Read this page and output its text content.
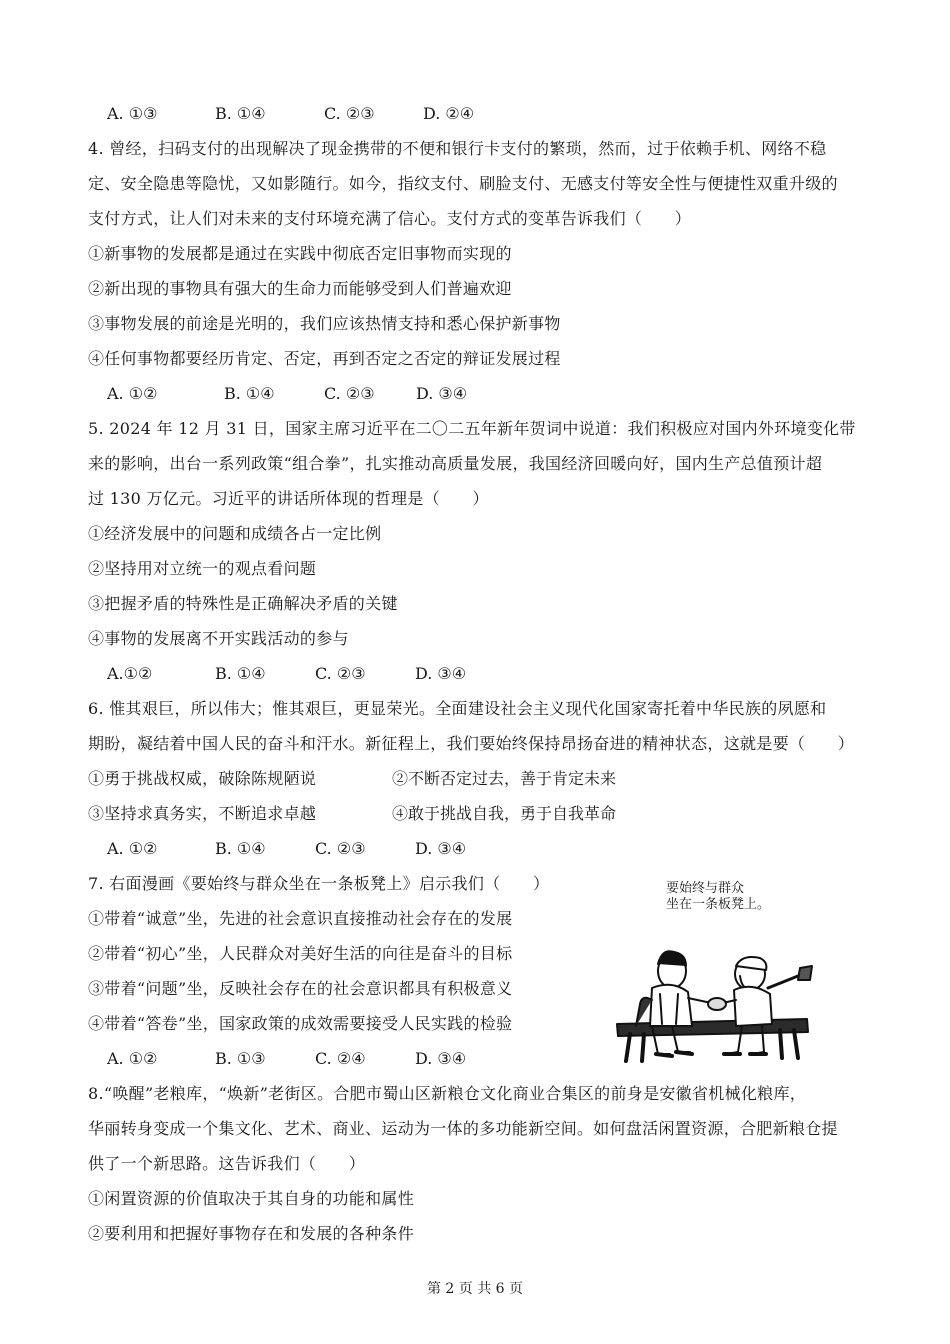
A. ①③	B. ①④	C. ②③	D. ②④
4. 曾经，扫码支付的出现解决了现金携带的不便和银行卡支付的繁琐，然而，过于依赖手机、网络不稳
定、安全隐患等隐忧，又如影随行。如今，指纹支付、刷脸支付、无感支付等安全性与便捷性双重升级的
支付方式，让人们对未来的支付环境充满了信心。支付方式的变革告诉我们（　　）
①新事物的发展都是通过在实践中彻底否定旧事物而实现的
②新出现的事物具有强大的生命力而能够受到人们普遍欢迎
③事物发展的前途是光明的，我们应该热情支持和悉心保护新事物
④任何事物都要经历肯定、否定，再到否定之否定的辩证发展过程
A. ①②	B. ①④	C. ②③	D. ③④
5. 2024 年 12 月 31 日，国家主席习近平在二〇二五年新年贺词中说道：我们积极应对国内外环境变化带
来的影响，出台一系列政策“组合拳”，扎实推动高质量发展，我国经济回暖向好，国内生产总值预计超
过 130 万亿元。习近平的讲话所体现的哲理是（　　）
①经济发展中的问题和成绩各占一定比例
②坚持用对立统一的观点看问题
③把握矛盾的特殊性是正确解决矛盾的关键
④事物的发展离不开实践活动的参与
A.①②	B. ①④	C. ②③	D. ③④
6. 惟其艰巨，所以伟大；惟其艰巨，更显荣光。全面建设社会主义现代化国家寄托着中华民族的夙愿和
期盼，凝结着中国人民的奋斗和汗水。新征程上，我们要始终保持昂扬奋进的精神状态，这就是要（　　）
①勇于挑战权威，破除陈规陋说	②不断否定过去，善于肯定未来
③坚持求真务实，不断追求卓越	④敢于挑战自我，勇于自我革命
A. ①②	B. ①④	C. ②③	D. ③④
7. 右面漫画《要始终与群众坐在一条板凳上》启示我们（　　）
①带着“诚意”坐，先进的社会意识直接推动社会存在的发展
②带着“初心”坐，人民群众对美好生活的向往是奋斗的目标
③带着“问题”坐，反映社会存在的社会意识都具有积极意义
④带着“答卷”坐，国家政策的成效需要接受人民实践的检验
A. ①②	B. ①③	C. ②④	D. ③④
要始终与群众
坐在一条板凳上。
8.“唤醒”老粮库，“焕新”老街区。合肥市蜀山区新粮仓文化商业合集区的前身是安徽省机械化粮库，
华丽转身变成一个集文化、艺术、商业、运动为一体的多功能新空间。如何盘活闲置资源，合肥新粮仓提
供了一个新思路。这告诉我们（　　）
①闲置资源的价值取决于其自身的功能和属性
②要利用和把握好事物存在和发展的各种条件
第 2 页 共 6 页
